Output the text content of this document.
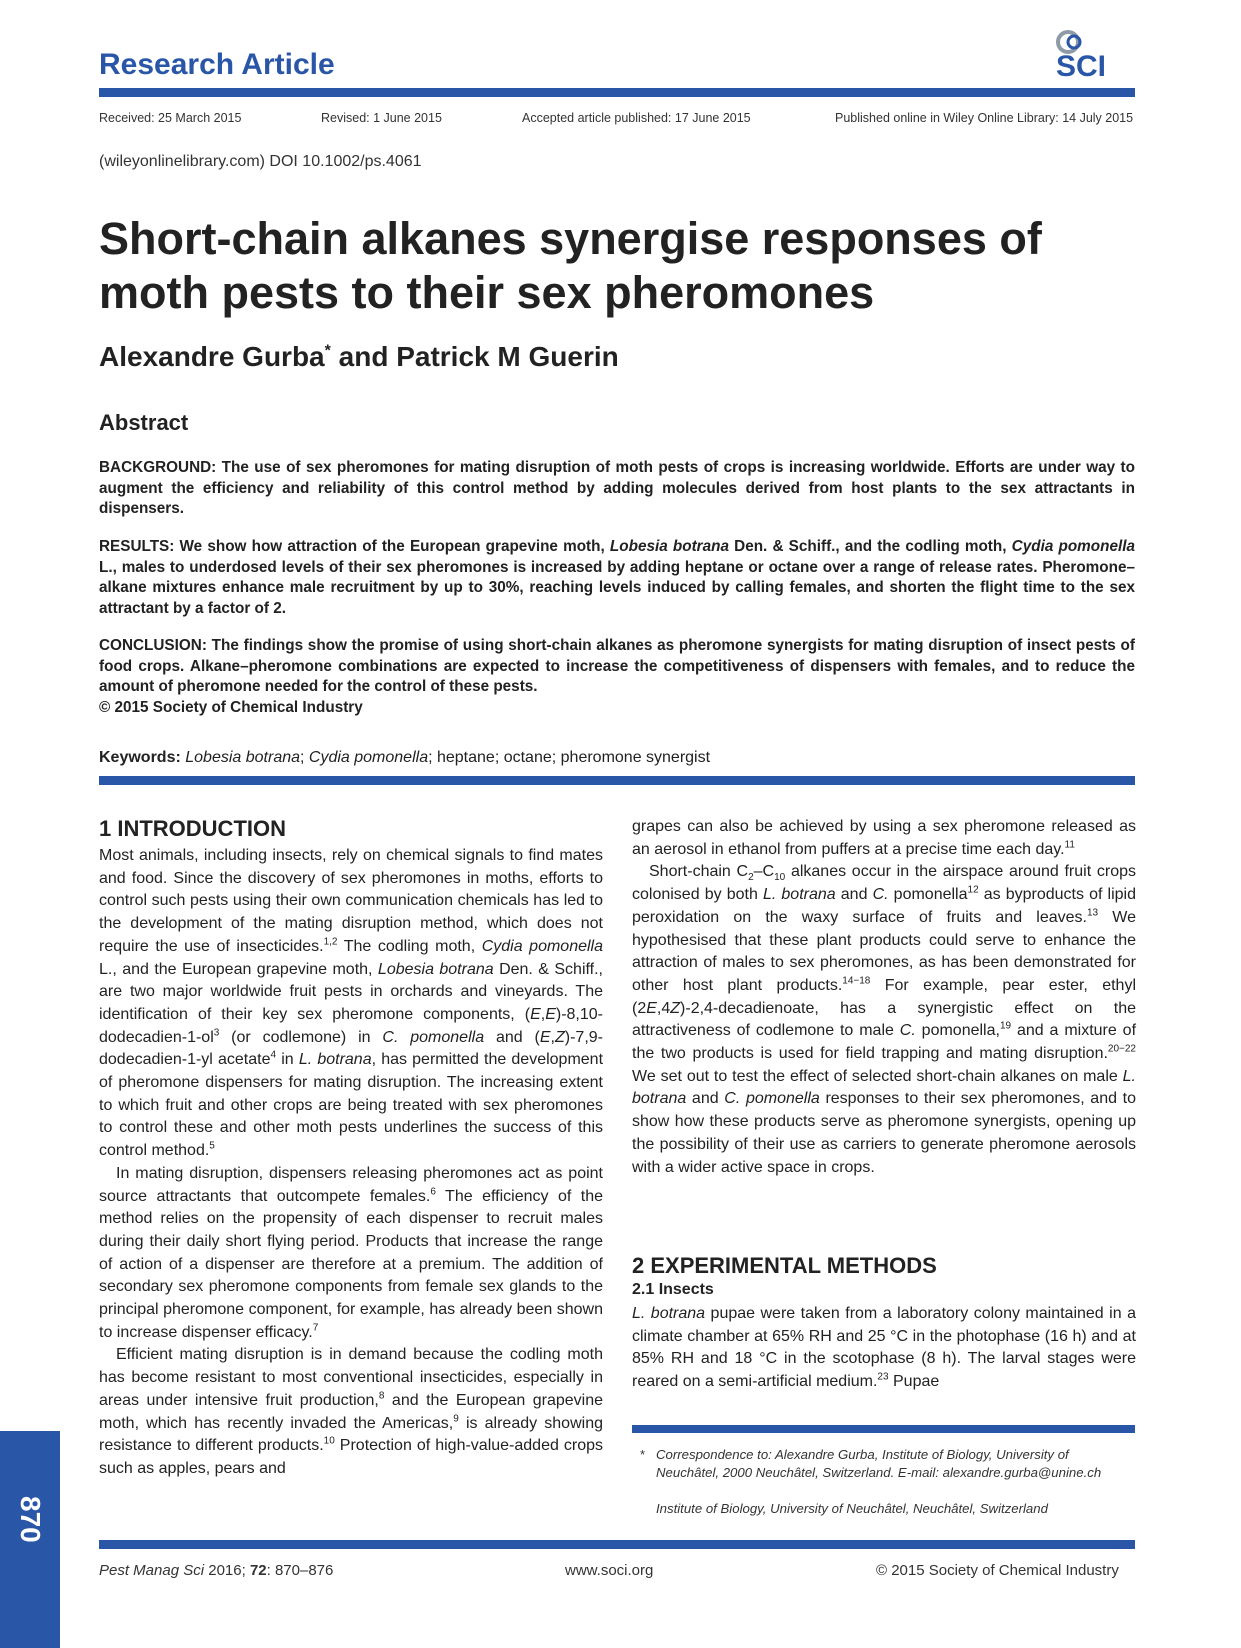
Research Article	SCI
Received: 25 March 2015	Revised: 1 June 2015	Accepted article published: 17 June 2015	Published online in Wiley Online Library: 14 July 2015
(wileyonlinelibrary.com) DOI 10.1002/ps.4061
Short-chain alkanes synergise responses of
moth pests to their sex pheromones
Alexandre Gurba* and Patrick M Guerin
Abstract
BACKGROUND: The use of sex pheromones for mating disruption of moth pests of crops is increasing worldwide. Efforts are under way to augment the efficiency and reliability of this control method by adding molecules derived from host plants to the sex attractants in dispensers.
RESULTS: We show how attraction of the European grapevine moth, Lobesia botrana Den. & Schiff., and the codling moth, Cydia pomonella L., males to underdosed levels of their sex pheromones is increased by adding heptane or octane over a range of release rates. Pheromone–alkane mixtures enhance male recruitment by up to 30%, reaching levels induced by calling females, and shorten the flight time to the sex attractant by a factor of 2.
CONCLUSION: The findings show the promise of using short-chain alkanes as pheromone synergists for mating disruption of insect pests of food crops. Alkane–pheromone combinations are expected to increase the competitiveness of dispensers with females, and to reduce the amount of pheromone needed for the control of these pests.
© 2015 Society of Chemical Industry
Keywords: Lobesia botrana; Cydia pomonella; heptane; octane; pheromone synergist
1 INTRODUCTION

Most animals, including insects, rely on chemical signals to find mates and food. Since the discovery of sex pheromones in moths, efforts to control such pests using their own communication chemicals has led to the development of the mating disruption method, which does not require the use of insecticides.$^{1,2}$ The codling moth, Cydia pomonella L., and the European grapevine moth, Lobesia botrana Den. & Schiff., are two major worldwide fruit pests in orchards and vineyards. The identification of their key sex pheromone components, $(E,E)-8,10-dodecadien-1-ol^3$ (or codlemone) in C. pomonella and (E,Z)-7,9-dodecadien-1-yl acetate$^4$ in L. botrana, has permitted the development of pheromone dispensers for mating disruption. The increasing extent to which fruit and other crops are being treated with sex pheromones to control these and other moth pests underlines the success of this control method.$^5$

In mating disruption, dispensers releasing pheromones act as point source attractants that outcompete females.$^6$ The efficiency of the method relies on the propensity of each dispenser to recruit males during their daily short flying period. Products that increase the range of action of a dispenser are therefore at a premium. The addition of secondary sex pheromone components from female sex glands to the principal pheromone component, for example, has already been shown to increase dispenser efficacy.$^7$

Efficient mating disruption is in demand because the codling moth has become resistant to most conventional insecticides, especially in areas under intensive fruit production,$^8$ and the European grapevine moth, which has recently invaded the Americas,$^9$ is already showing resistance to different products.$^{10}$ Protection of high-value-added crops such as apples, pears and

grapes can also be achieved by using a sex pheromone released as an aerosol in ethanol from puffers at a precise time each day.$^{11}$

Short-chain $C_2-C_{10}$ alkanes occur in the airspace around fruit crops colonised by both L. botrana and C. pomonella$^{12}$ as byproducts of lipid peroxidation on the waxy surface of fruits and leaves.$^{13}$ We hypothesised that these plant products could serve to enhance the attraction of males to sex pheromones, as has been demonstrated for other host plant products.$^{14-18}$ For example, pear ester, ethyl (2E,4Z)-2,4-decadienoate, has a synergistic effect on the attractiveness of codlemone to male C. pomonella,$^{19}$ and a mixture of the two products is used for field trapping and mating disruption.$^{20-22}$ We set out to test the effect of selected short-chain alkanes on male L. botrana and C. pomonella responses to their sex pheromones, and to show how these products serve as pheromone synergists, opening up the possibility of their use as carriers to generate pheromone aerosols with a wider active space in crops.

2 EXPERIMENTAL METHODS
2.1 Insects

L. botrana pupae were taken from a laboratory colony maintained in a climate chamber at 65% RH and 25 °C in the photophase (16 h) and at 85% RH and 18 °C in the scotophase (8 h). The larval stages were reared on a semi-artificial medium.$^{23}$ Pupae

* Correspondence to: Alexandre Gurba, Institute of Biology, University of Neuchâtel, 2000 Neuchâtel, Switzerland. E-mail: alexandre.gurba@unine.ch
Institute of Biology, University of Neuchâtel, Neuchâtel, Switzerland
Pest Manag Sci 2016; 72: 870–876	www.soci.org	© 2015 Society of Chemical Industry
870
